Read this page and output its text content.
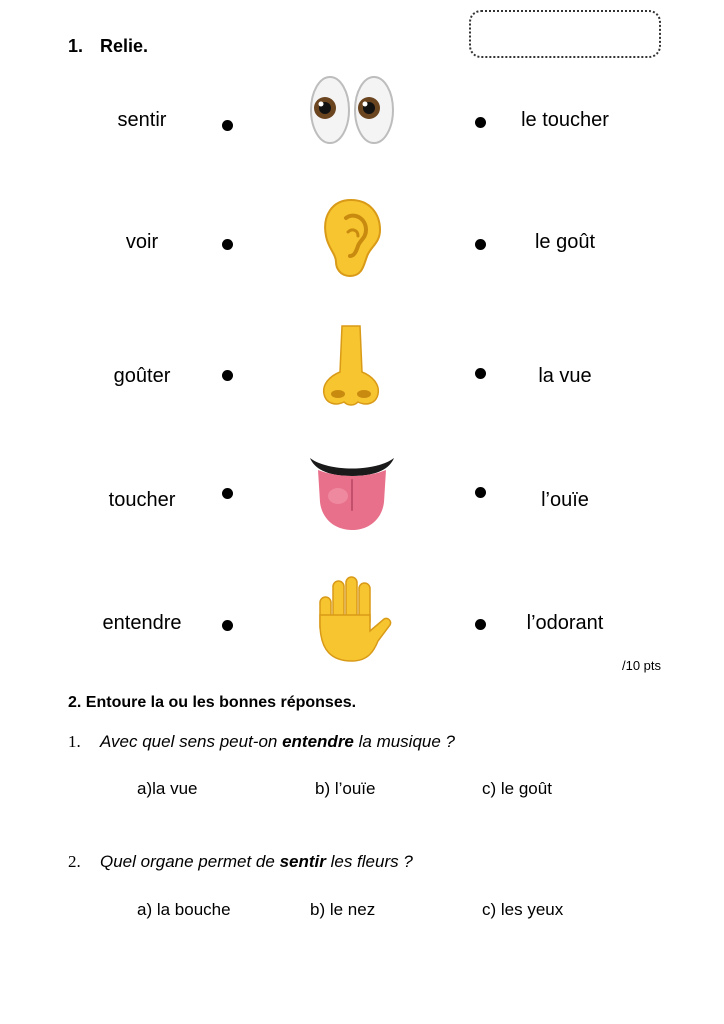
1. Relie.
sentir	le toucher
voir	le goût
goûter	la vue
toucher	l’ouïe
entendre	l’odorant
/10 pts
2. Entoure la ou les bonnes réponses.
1. Avec quel sens peut-on entendre la musique ?
a)la vue	b) l’ouïe	c) le goût
2. Quel organe permet de sentir les fleurs ?
a) la bouche	b) le nez	c) les yeux
